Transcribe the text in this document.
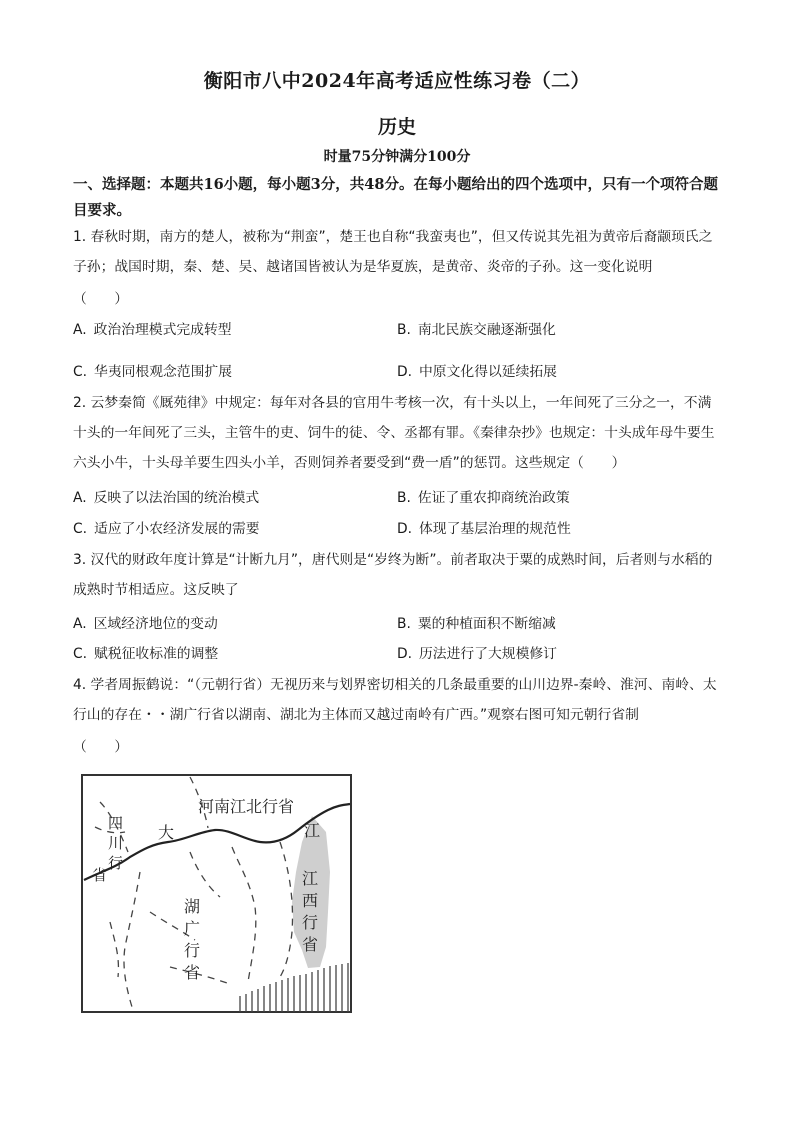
衡阳市八中2024年高考适应性练习卷（二）
历史
时量75分钟满分100分
一、选择题：本题共16小题，每小题3分，共48分。在每小题给出的四个选项中，只有一个项符合题目要求。
1. 春秋时期，南方的楚人，被称为“荆蛮”，楚王也自称“我蛮夷也”，但又传说其先祖为黄帝后裔颛顼氏之子孙；战国时期，秦、楚、吴、越诸国皆被认为是华夏族，是黄帝、炎帝的子孙。这一变化说明
（　　）
A. 政治治理模式完成转型	B. 南北民族交融逐渐强化
C. 华夷同根观念范围扩展	D. 中原文化得以延续拓展
2. 云梦秦简《厩苑律》中规定：每年对各县的官用牛考核一次，有十头以上，一年间死了三分之一，不满十头的一年间死了三头，主管牛的吏、饲牛的徒、令、丞都有罪。《秦律杂抄》也规定：十头成年母牛要生六头小牛，十头母羊要生四头小羊，否则饲养者要受到“费一盾”的惩罚。这些规定（　　）
A. 反映了以法治国的统治模式	B. 佐证了重农抑商统治政策
C. 适应了小农经济发展的需要	D. 体现了基层治理的规范性
3. 汉代的财政年度计算是“计断九月”，唐代则是“岁终为断”。前者取决于粟的成熟时间，后者则与水稻的成熟时节相适应。这反映了
A. 区域经济地位的变动	B. 粟的种植面积不断缩减
C. 赋税征收标准的调整	D. 历法进行了大规模修订
4. 学者周振鹤说：“（元朝行省）无视历来与划界密切相关的几条最重要的山川边界-秦岭、淮河、南岭、太行山的存在・・湖广行省以湖南、湖北为主体而又越过南岭有广西。”观察右图可知元朝行省制
（　　）
河南江北行省
江
大
四
川
行
省
湖
广
行
省
江
西
行
省
